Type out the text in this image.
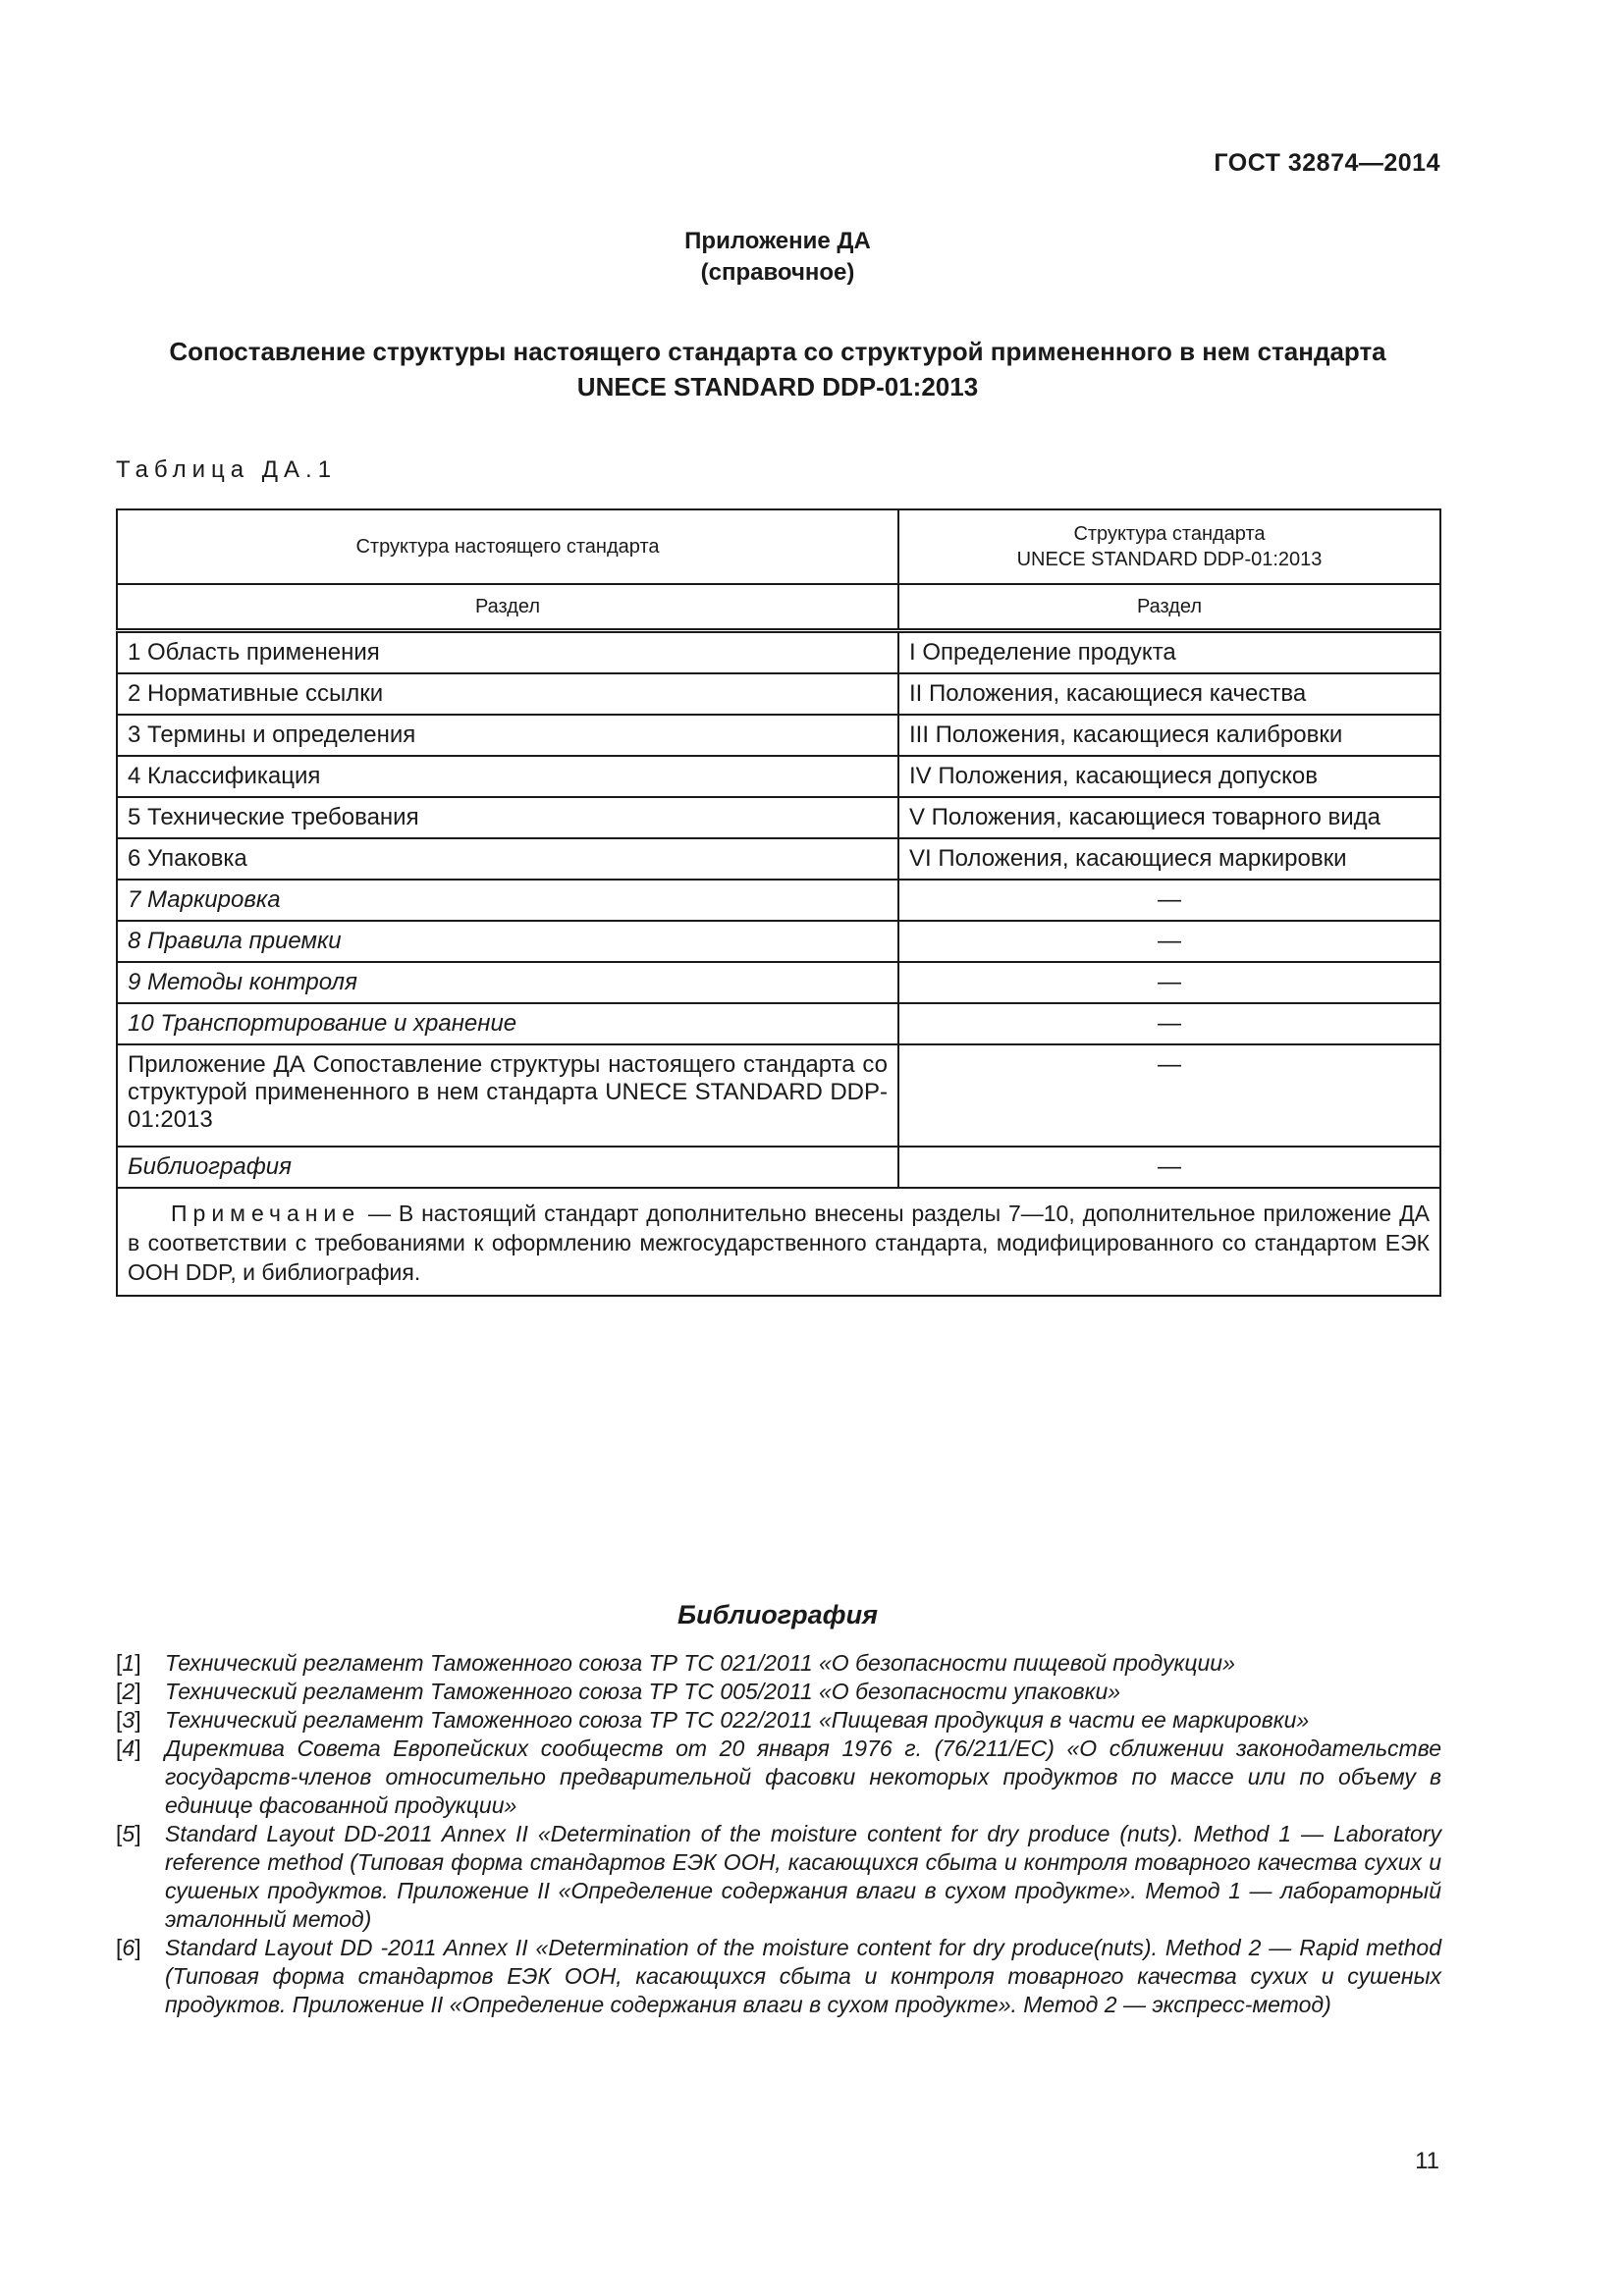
ГОСТ 32874—2014
Приложение ДА
(справочное)
Сопоставление структуры настоящего стандарта со структурой примененного в нем стандарта
UNECE STANDARD DDP-01:2013
Таблица ДА.1
Структура настоящего стандарта	Структура стандарта
UNECE STANDARD DDP-01:2013

Раздел	Раздел
1 Область применения	I Определение продукта
2 Нормативные ссылки	II Положения, касающиеся качества
3 Термины и определения	III Положения, касающиеся калибровки
4 Классификация	IV Положения, касающиеся допусков
5 Технические требования	V Положения, касающиеся товарного вида
6 Упаковка	VI Положения, касающиеся маркировки
7 Маркировка	—
8 Правила приемки	—
9 Методы контроля	—
10 Транспортирование и хранение	—
Приложение ДА Сопоставление структуры настоящего стандарта со структурой примененного в нем стандарта UNECE STANDARD DDP-01:2013	—
Библиография	—
Примечание — В настоящий стандарт дополнительно внесены разделы 7—10, дополнительное приложение ДА в соответствии с требованиями к оформлению межгосударственного стандарта, модифицированного со стандартом ЕЭК ООН DDP, и библиография.	
Библиография
[1]	Технический регламент Таможенного союза ТР ТС 021/2011 «О безопасности пищевой продукции»
[2]	Технический регламент Таможенного союза ТР ТС 005/2011 «О безопасности упаковки»
[3]	Технический регламент Таможенного союза ТР ТС 022/2011 «Пищевая продукция в части ее маркировки»
[4]	Директива Совета Европейских сообществ от 20 января 1976 г. (76/211/ЕС) «О сближении законодательстве государств-членов относительно предварительной фасовки некоторых продуктов по массе или по объему в единице фасованной продукции»
[5]	Standard Layout DD-2011 Annex II «Determination of the moisture content for dry produce (nuts). Method 1 — Laboratory reference method (Типовая форма стандартов ЕЭК ООН, касающихся сбыта и контроля товарного качества сухих и сушеных продуктов. Приложение II «Определение содержания влаги в сухом продукте». Метод 1 — лабораторный эталонный метод)
[6]	Standard Layout DD -2011 Annex II «Determination of the moisture content for dry produce(nuts). Method 2 — Rapid method (Типовая форма стандартов ЕЭК ООН, касающихся сбыта и контроля товарного качества сухих и сушеных продуктов. Приложение II «Определение содержания влаги в сухом продукте». Метод 2 — экспресс-метод)
11
